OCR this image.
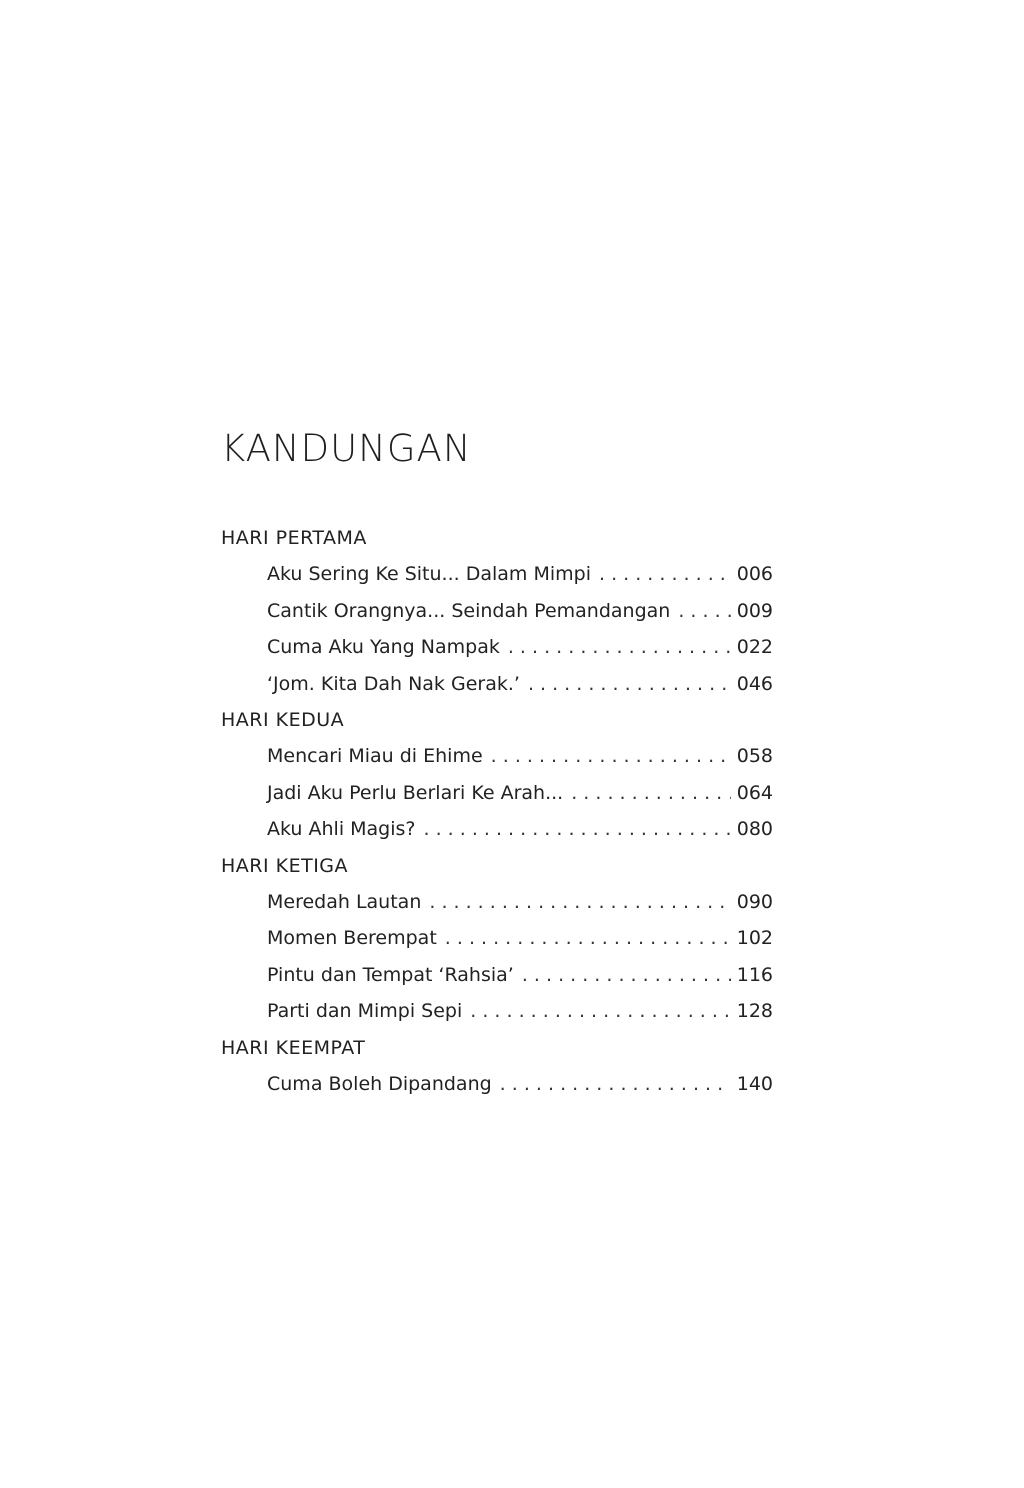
KANDUNGAN
HARI PERTAMA
Aku Sering Ke Situ... Dalam Mimpi . . .	006
Cantik Orangnya... Seindah Pemandangan . . .	009
Cuma Aku Yang Nampak . . .	022
‘Jom. Kita Dah Nak Gerak.’ . . .	046
HARI KEDUA
Mencari Miau di Ehime . . .	058
Jadi Aku Perlu Berlari Ke Arah... . . .	064
Aku Ahli Magis? . . .	080
HARI KETIGA
Meredah Lautan . . .	090
Momen Berempat . . .	102
Pintu dan Tempat ‘Rahsia’ . . .	116
Parti dan Mimpi Sepi . . .	128
HARI KEEMPAT
Cuma Boleh Dipandang . . .	140
